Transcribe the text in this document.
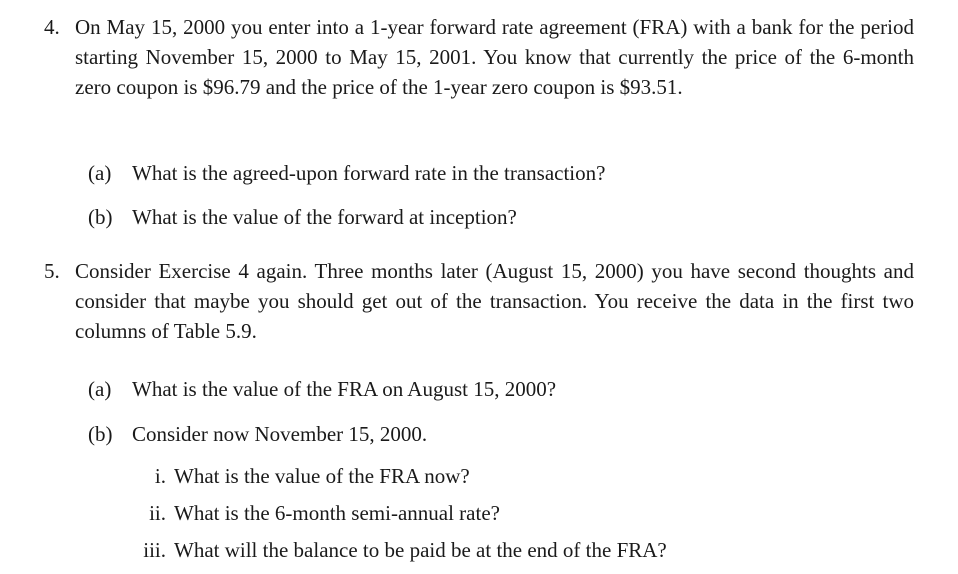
4. On May 15, 2000 you enter into a 1-year forward rate agreement (FRA) with a bank for the period starting November 15, 2000 to May 15, 2001. You know that currently the price of the 6-month zero coupon is $96.79 and the price of the 1-year zero coupon is $93.51.
(a) What is the agreed-upon forward rate in the transaction?
(b) What is the value of the forward at inception?
5. Consider Exercise 4 again. Three months later (August 15, 2000) you have second thoughts and consider that maybe you should get out of the transaction. You receive the data in the first two columns of Table 5.9.
(a) What is the value of the FRA on August 15, 2000?
(b) Consider now November 15, 2000.
i. What is the value of the FRA now?
ii. What is the 6-month semi-annual rate?
iii. What will the balance to be paid be at the end of the FRA?
